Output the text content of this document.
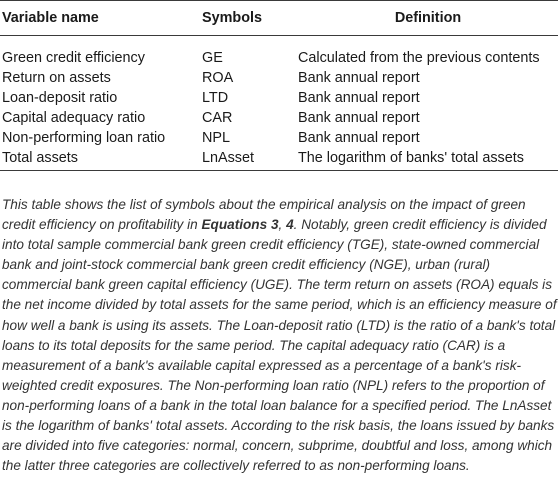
Variable name	Symbols	Definition
Green credit efficiency	GE	Calculated from the previous contents
Return on assets	ROA	Bank annual report
Loan-deposit ratio	LTD	Bank annual report
Capital adequacy ratio	CAR	Bank annual report
Non-performing loan ratio	NPL	Bank annual report
Total assets	LnAsset	The logarithm of banks' total assets
This table shows the list of symbols about the empirical analysis on the impact of green credit efficiency on profitability in Equations 3, 4. Notably, green credit efficiency is divided into total sample commercial bank green credit efficiency (TGE), state-owned commercial bank and joint-stock commercial bank green credit efficiency (NGE), urban (rural) commercial bank green capital efficiency (UGE). The term return on assets (ROA) equals is the net income divided by total assets for the same period, which is an efficiency measure of how well a bank is using its assets. The Loan-deposit ratio (LTD) is the ratio of a bank's total loans to its total deposits for the same period. The capital adequacy ratio (CAR) is a measurement of a bank's available capital expressed as a percentage of a bank's risk-weighted credit exposures. The Non-performing loan ratio (NPL) refers to the proportion of non-performing loans of a bank in the total loan balance for a specified period. The LnAsset is the logarithm of banks' total assets. According to the risk basis, the loans issued by banks are divided into five categories: normal, concern, subprime, doubtful and loss, among which the latter three categories are collectively referred to as non-performing loans.
